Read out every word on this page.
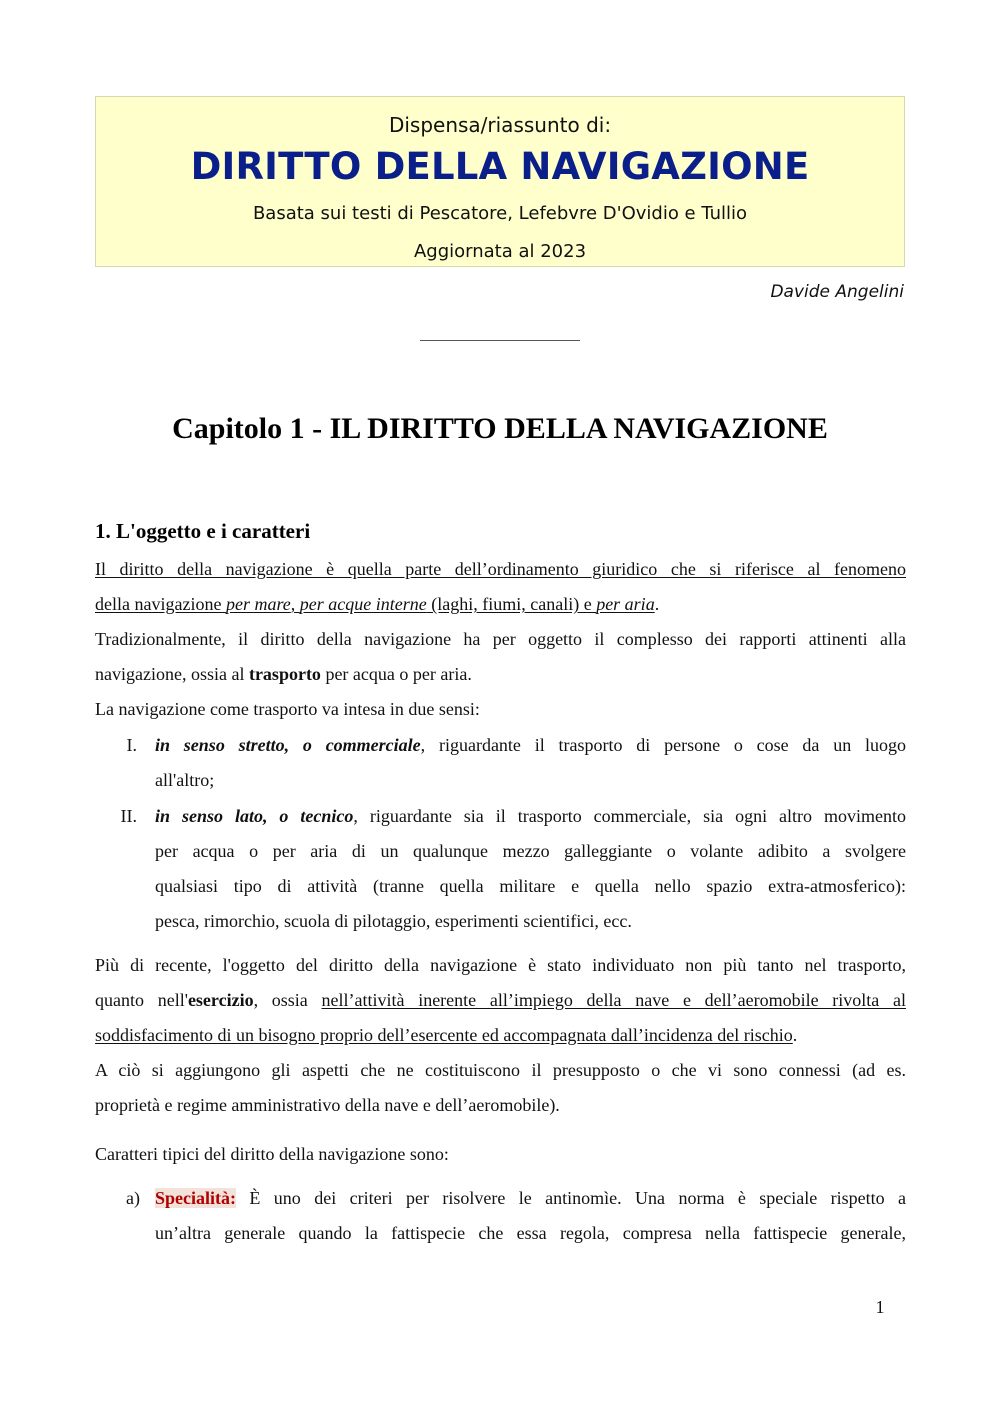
Dispensa/riassunto di:
DIRITTO DELLA NAVIGAZIONE
Basata sui testi di Pescatore, Lefebvre D'Ovidio e Tullio
Aggiornata al 2023
Davide Angelini
Capitolo 1 - IL DIRITTO DELLA NAVIGAZIONE
1. L'oggetto e i caratteri
Il diritto della navigazione è quella parte dell’ordinamento giuridico che si riferisce al fenomeno
della navigazione per mare, per acque interne (laghi, fiumi, canali) e per aria.
Tradizionalmente, il diritto della navigazione ha per oggetto il complesso dei rapporti attinenti alla
navigazione, ossia al trasporto per acqua o per aria.
La navigazione come trasporto va intesa in due sensi:
I. in senso stretto, o commerciale, riguardante il trasporto di persone o cose da un luogo
all'altro;
II. in senso lato, o tecnico, riguardante sia il trasporto commerciale, sia ogni altro movimento
per acqua o per aria di un qualunque mezzo galleggiante o volante adibito a svolgere
qualsiasi tipo di attività (tranne quella militare e quella nello spazio extra-atmosferico):
pesca, rimorchio, scuola di pilotaggio, esperimenti scientifici, ecc.
Più di recente, l'oggetto del diritto della navigazione è stato individuato non più tanto nel trasporto,
quanto nell'esercizio, ossia nell’attività inerente all’impiego della nave e dell’aeromobile rivolta al
soddisfacimento di un bisogno proprio dell’esercente ed accompagnata dall’incidenza del rischio.
A ciò si aggiungono gli aspetti che ne costituiscono il presupposto o che vi sono connessi (ad es.
proprietà e regime amministrativo della nave e dell’aeromobile).
Caratteri tipici del diritto della navigazione sono:
a) Specialità: È uno dei criteri per risolvere le antinomìe. Una norma è speciale rispetto a
un’altra generale quando la fattispecie che essa regola, compresa nella fattispecie generale,
1
